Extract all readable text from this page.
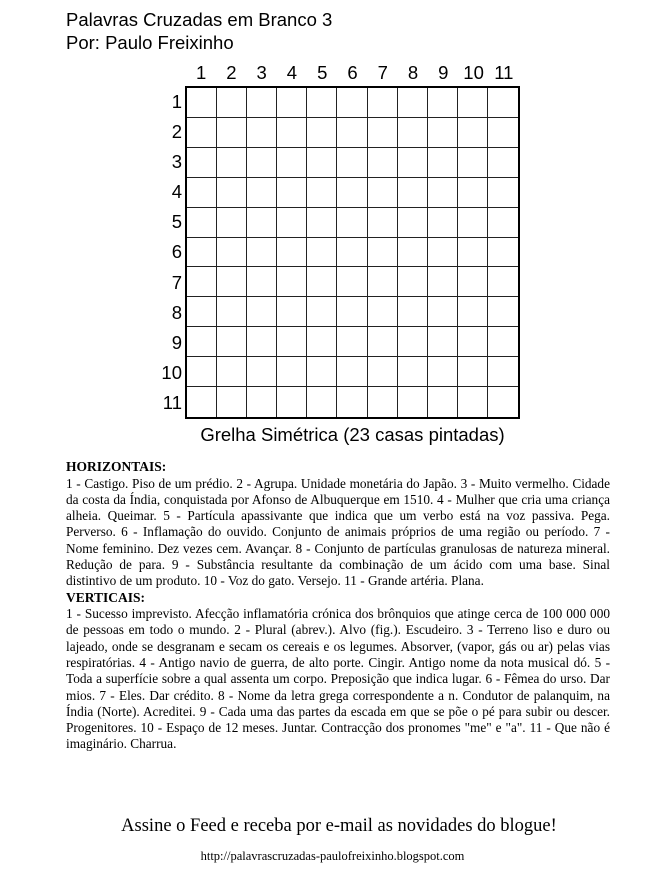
Palavras Cruzadas em Branco 3
Por: Paulo Freixinho
1	2	3	4	5	6	7	8	9 10 11
1
2
3
4
5
6
7
8
9
10
11
Grelha Simétrica (23 casas pintadas)
HORIZONTAIS:

1 - Castigo. Piso de um prédio. 2 - Agrupa. Unidade monetária do Japão. 3 - Muito vermelho. Cidade da costa da Índia, conquistada por Afonso de Albuquerque em 1510. 4 - Mulher que cria uma criança alheia. Queimar. 5 - Partícula apassivante que indica que um verbo está na voz passiva. Pega. Perverso. 6 - Inflamação do ouvido. Conjunto de animais próprios de uma região ou período. 7 - Nome feminino. Dez vezes cem. Avançar. 8 - Conjunto de partículas granulosas de natureza mineral. Redução de para. 9 - Substância resultante da combinação de um ácido com uma base. Sinal distintivo de um produto. 10 - Voz do gato. Versejo. 11 - Grande artéria. Plana.

VERTICAIS:

1 - Sucesso imprevisto. Afecção inflamatória crónica dos brônquios que atinge cerca de 100 000 000 de pessoas em todo o mundo. 2 - Plural (abrev.). Alvo (fig.). Escudeiro. 3 - Terreno liso e duro ou lajeado, onde se desgranam e secam os cereais e os legumes. Absorver, (vapor, gás ou ar) pelas vias respiratórias. 4 - Antigo navio de guerra, de alto porte. Cingir. Antigo nome da nota musical dó. 5 - Toda a superfície sobre a qual assenta um corpo. Preposição que indica lugar. 6 - Fêmea do urso. Dar mios. 7 - Eles. Dar crédito. 8 - Nome da letra grega correspondente a n. Condutor de palanquim, na Índia (Norte). Acreditei. 9 - Cada uma das partes da escada em que se põe o pé para subir ou descer. Progenitores. 10 - Espaço de 12 meses. Juntar. Contracção dos pronomes "me" e "a". 11 - Que não é imaginário. Charrua.

Assine o Feed e receba por e-mail as novidades do blogue!
http://palavrascruzadas-paulofreixinho.blogspot.com
